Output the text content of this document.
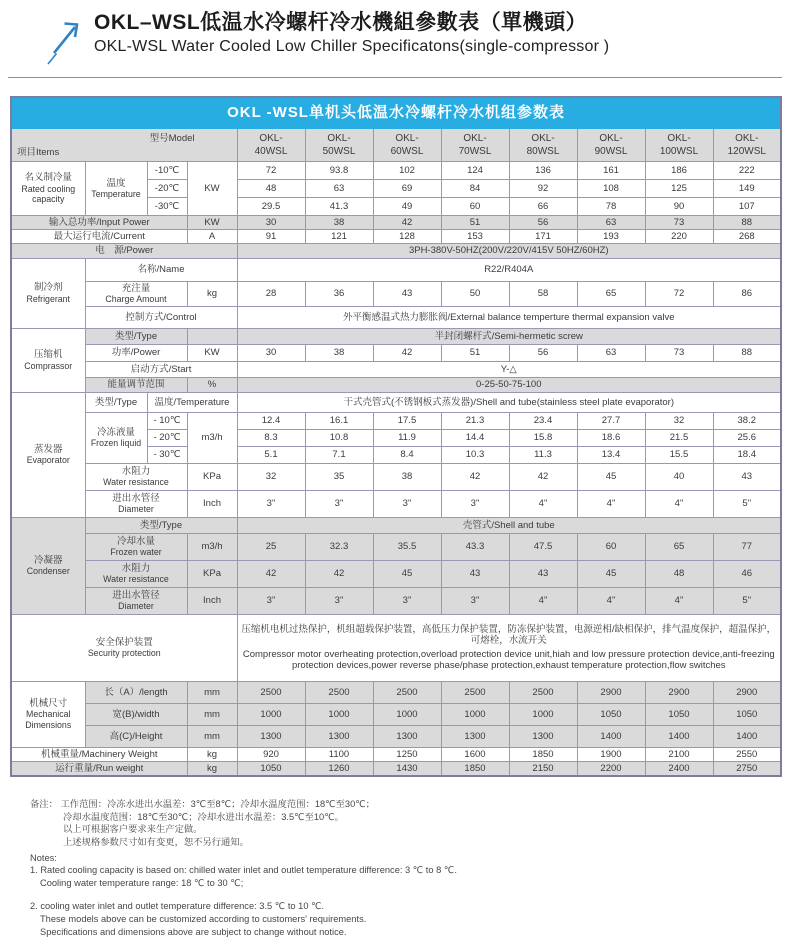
OKL–WSL低温水冷螺杆冷水機組參數表（單機頭）
OKL-WSL Water Cooled Low Chiller Specificatons(single-compressor )
OKL -WSL单机头低温水冷螺杆冷水机组参数表											

型号Model
项目Items

OKL-
40WSL

OKL-
50WSL

OKL-
60WSL

OKL-
70WSL

OKL-
80WSL

OKL-
90WSL

OKL-
100WSL

OKL-
120WSL

名义制冷量
Rated cooling capacity

温度
Temperature
	-10℃	KW	72	93.8	102	124	136	161	186	222
		-20℃		48	63	69	84	92	108	125	149
		-30℃		29.5	41.3	49	60	66	78	90	107
输入总功率/Input Power			KW	30	38	42	51	56	63	73	88
最大运行电流/Current			A	91	121	128	153	171	193	220	268
电　源/Power				3PH-380V-50HZ(200V/220V/415V 50HZ/60HZ)							

制冷剂
Refrigerant	名称/Name			R22/R404A							

	充注量
Charge Amount		kg	28	36	43	50	58	65	72	86
	控制方式/Control			外平衡感温式热力膨胀阀/External balance temperture thermal expansion valve							

压缩机
Comprassor	类型/Type			半封闭螺杆式/Semi-hermetic screw							
	功率/Power		KW	30	38	42	51	56	63	73	88
	启动方式/Start			Y-△							
	能量调节范围		%	0-25-50-75-100							

蒸发器
Evaporator	类型/Type	温度/Temperature		干式壳管式(不锈钢板式蒸发器)/Shell and tube(stainless steel plate evaporator)							

	冷冻液量
Frozen liquid	- 10℃	m3/h	12.4	16.1	17.5	21.3	23.4	27.7	32	38.2
		- 20℃		8.3	10.8	11.9	14.4	15.8	18.6	21.5	25.6
		- 30℃		5.1	7.1	8.4	10.3	11.3	13.4	15.5	18.4

	水阻力
Water resistance		KPa	32	35	38	42	42	45	40	43

	进出水管径
Diameter		Inch	3"	3"	3"	3"	4"	4"	4"	5"

冷凝器
Condenser	类型/Type			壳管式/Shell and tube							

	冷却水量
Frozen water		m3/h	25	32.3	35.5	43.3	47.5	60	65	77

	水阻力
Water resistance		KPa	42	42	45	43	43	45	48	46

	进出水管径
Diameter		Inch	3"	3"	3"	3"	4"	4"	4"	5"

安全保护装置
Security protection

压缩机电机过热保护，机组超载保护装置，高低压力保护装置，防冻保护装置，电源逆相/缺相保护，排气温度保护，超温保护，可熔栓，水流开关
Compressor motor overheating protection,overload protection device unit,hiah and low pressure protection device,anti-freezing protection devices,power reverse phase/phase protection,exhaust temperature protection,flow switches

机械尺寸
Mechanical Dimensions	长（A）/length		mm	2500	2500	2500	2500	2500	2900	2900	2900
	宽(B)/width		mm	1000	1000	1000	1000	1000	1050	1050	1050
	高(C)/Height		mm	1300	1300	1300	1300	1300	1400	1400	1400
机械重量/Machinery Weight			kg	920	1100	1250	1600	1850	1900	2100	2550
运行重量/Run weight			kg	1050	1260	1430	1850	2150	2200	2400	2750
备注： 工作范围：冷冻水进出水温差：3℃至8℃；冷却水温度范围：18℃至30℃；
冷却水温度范围：18℃至30℃；冷却水进出水温差：3.5℃至10℃。
以上可根据客户要求来生产定做。
上述规格参数尺寸如有变更，恕不另行通知。
Notes:
1. Rated cooling capacity is based on: chilled water inlet and outlet temperature difference: 3 ℃ to 8 ℃.
Cooling water temperature range: 18 ℃ to 30 ℃;
2. cooling water inlet and outlet temperature difference: 3.5 ℃ to 10 ℃.
These models above can be customized according to customers' requirements.
Specifications and dimensions above are subject to change without notice.
